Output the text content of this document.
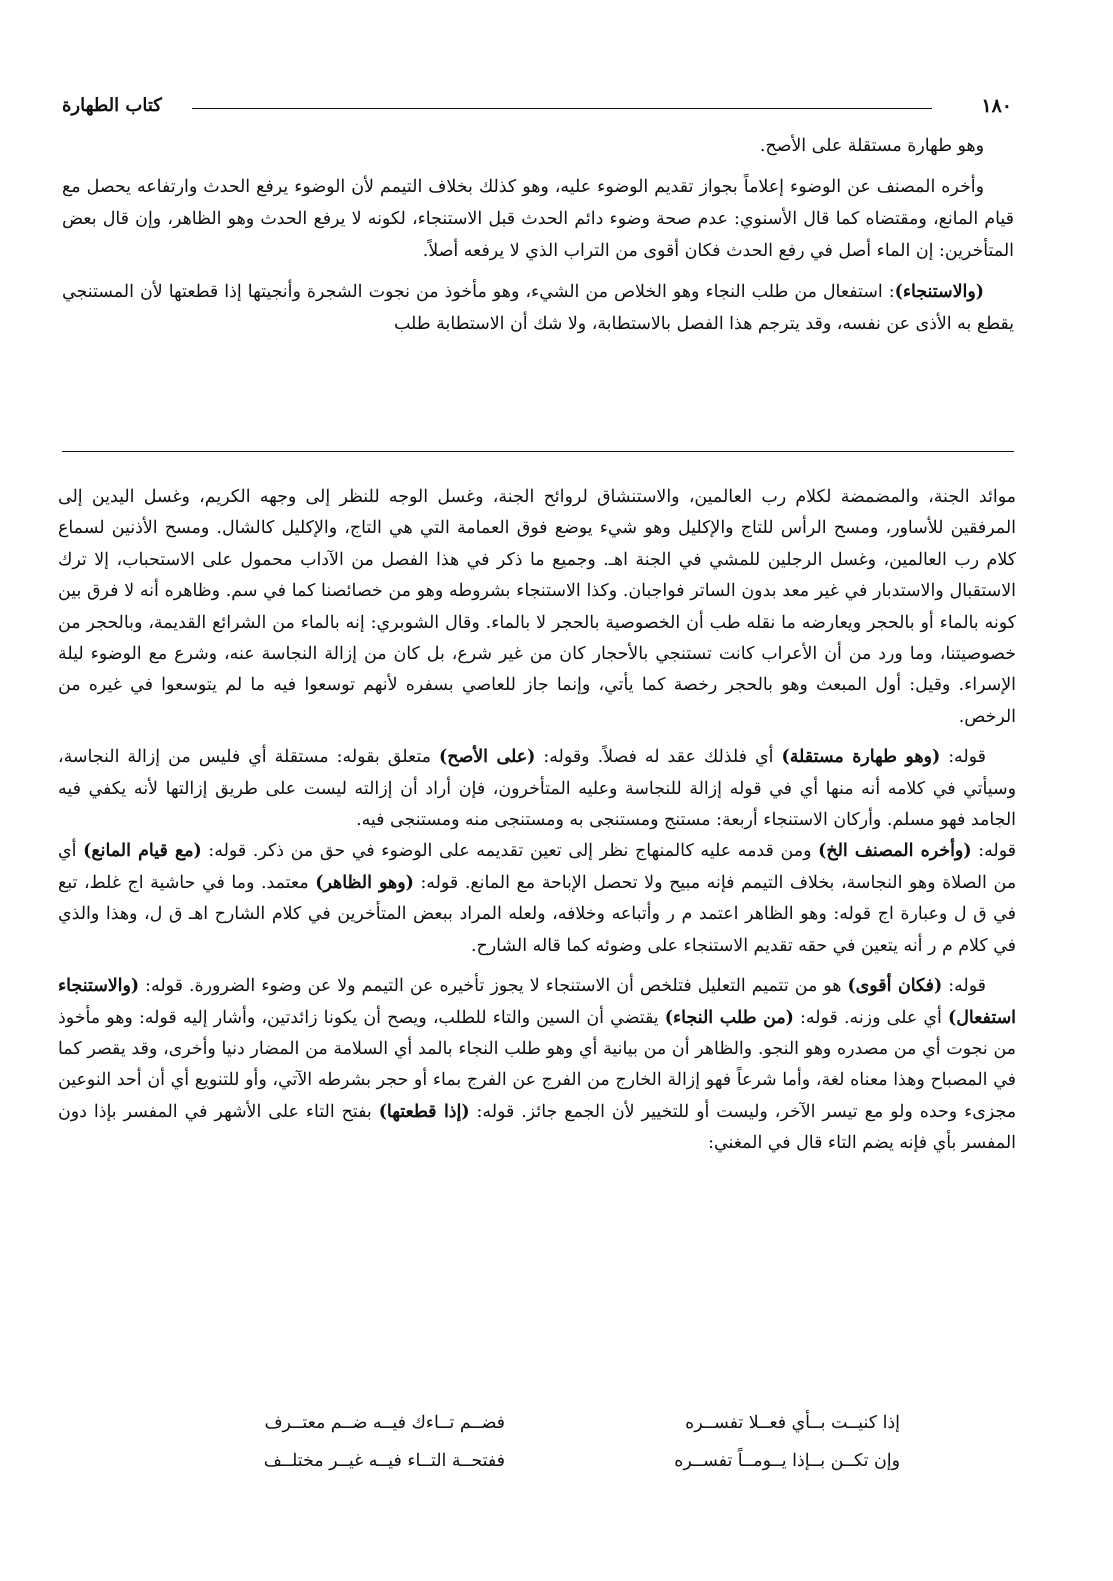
١٨٠
كتاب الطهارة

وهو طهارة مستقلة على الأصح.

وأخره المصنف عن الوضوء إعلاماً بجواز تقديم الوضوء عليه، وهو كذلك بخلاف التيمم لأن الوضوء يرفع الحدث وارتفاعه يحصل مع قيام المانع، ومقتضاه كما قال الأسنوي: عدم صحة وضوء دائم الحدث قبل الاستنجاء، لكونه لا يرفع الحدث وهو الظاهر، وإن قال بعض المتأخرين: إن الماء أصل في رفع الحدث فكان أقوى من التراب الذي لا يرفعه أصلاً.

(والاستنجاء): استفعال من طلب النجاء وهو الخلاص من الشيء، وهو مأخوذ من نجوت الشجرة وأنجيتها إذا قطعتها لأن المستنجي يقطع به الأذى عن نفسه، وقد يترجم هذا الفصل بالاستطابة، ولا شك أن الاستطابة طلب

موائد الجنة، والمضمضة لكلام رب العالمين، والاستنشاق لروائح الجنة، وغسل الوجه للنظر إلى وجهه الكريم، وغسل اليدين إلى المرفقين للأساور، ومسح الرأس للتاج والإكليل وهو شيء يوضع فوق العمامة التي هي التاج، والإكليل كالشال. ومسح الأذنين لسماع كلام رب العالمين، وغسل الرجلين للمشي في الجنة اهـ. وجميع ما ذكر في هذا الفصل من الآداب محمول على الاستحباب، إلا ترك الاستقبال والاستدبار في غير معد بدون الساتر فواجبان. وكذا الاستنجاء بشروطه وهو من خصائصنا كما في سم. وظاهره أنه لا فرق بين كونه بالماء أو بالحجر ويعارضه ما نقله طب أن الخصوصية بالحجر لا بالماء. وقال الشوبري: إنه بالماء من الشرائع القديمة، وبالحجر من خصوصيتنا، وما ورد من أن الأعراب كانت تستنجي بالأحجار كان من غير شرع، بل كان من إزالة النجاسة عنه، وشرع مع الوضوء ليلة الإسراء. وقيل: أول المبعث وهو بالحجر رخصة كما يأتي، وإنما جاز للعاصي بسفره لأنهم توسعوا فيه ما لم يتوسعوا في غيره من الرخص.

قوله: (وهو طهارة مستقلة) أي فلذلك عقد له فصلاً. وقوله: (على الأصح) متعلق بقوله: مستقلة أي فليس من إزالة النجاسة، وسيأتي في كلامه أنه منها أي في قوله إزالة للنجاسة وعليه المتأخرون، فإن أراد أن إزالته ليست على طريق إزالتها لأنه يكفي فيه الجامد فهو مسلم. وأركان الاستنجاء أربعة: مستنج ومستنجى به ومستنجى منه ومستنجى فيه.

قوله: (وأخره المصنف الخ) ومن قدمه عليه كالمنهاج نظر إلى تعين تقديمه على الوضوء في حق من ذكر. قوله: (مع قيام المانع) أي من الصلاة وهو النجاسة، بخلاف التيمم فإنه مبيح ولا تحصل الإباحة مع المانع. قوله: (وهو الظاهر) معتمد. وما في حاشية اج غلط، تبع في ق ل وعبارة اج قوله: وهو الظاهر اعتمد م ر وأتباعه وخلافه، ولعله المراد ببعض المتأخرين في كلام الشارح اهـ ق ل، وهذا والذي في كلام م ر أنه يتعين في حقه تقديم الاستنجاء على وضوئه كما قاله الشارح.

قوله: (فكان أقوى) هو من تتميم التعليل فتلخص أن الاستنجاء لا يجوز تأخيره عن التيمم ولا عن وضوء الضرورة. قوله: (والاستنجاء استفعال) أي على وزنه. قوله: (من طلب النجاء) يقتضي أن السين والتاء للطلب، ويصح أن يكونا زائدتين، وأشار إليه قوله: وهو مأخوذ من نجوت أي من مصدره وهو النجو. والظاهر أن من بيانية أي وهو طلب النجاء بالمد أي السلامة من المضار دنيا وأخرى، وقد يقصر كما في المصباح وهذا معناه لغة، وأما شرعاً فهو إزالة الخارج من الفرج عن الفرج بماء أو حجر بشرطه الآتي، وأو للتنويع أي أن أحد النوعين مجزىء وحده ولو مع تيسر الآخر، وليست أو للتخيير لأن الجمع جائز. قوله: (إذا قطعتها) بفتح التاء على الأشهر في المفسر بإذا دون المفسر بأي فإنه يضم التاء قال في المغني:

إذا كنيــت بــأي فعــلا تفســره
فضــم تــاءك فيــه ضــم معتــرف
وإن تكــن بــإذا يــومــاً تفســره
ففتحــة التــاء فيــه غيــر مختلــف
